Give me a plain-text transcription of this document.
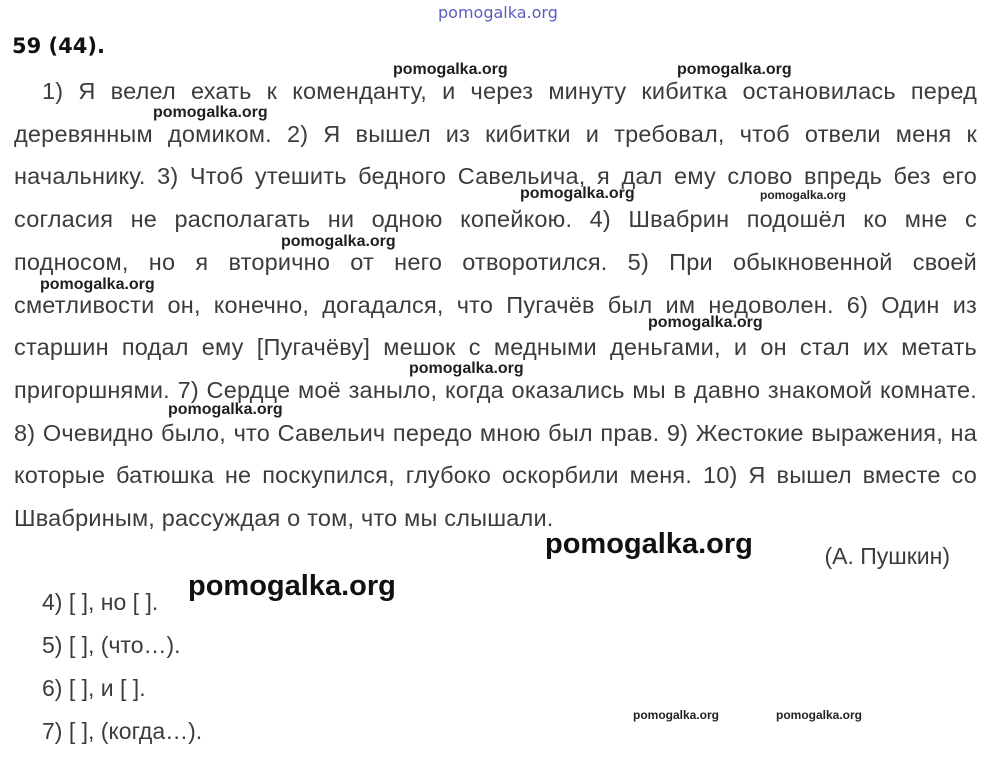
pomogalka.org
59 (44).
1) Я велел ехать к коменданту, и через минуту кибитка остановилась перед деревянным домиком. 2) Я вышел из кибитки и требовал, чтоб отвели меня к начальнику. 3) Чтоб утешить бедного Савельича, я дал ему слово впредь без его согласия не располагать ни одною копейкою. 4) Швабрин подошёл ко мне с подносом, но я вторично от него отворотился. 5) При обыкновенной своей сметливости он, конечно, догадался, что Пугачёв был им недоволен. 6) Один из старшин подал ему [Пугачёву] мешок с медными деньгами, и он стал их метать пригоршнями. 7) Сердце моё заныло, когда оказались мы в давно знакомой комнате. 8) Очевидно было, что Савельич передо мною был прав. 9) Жестокие выражения, на которые батюшка не поскупился, глубоко оскорбили меня. 10) Я вышел вместе со Швабриным, рассуждая о том, что мы слышали.
(А. Пушкин)
4) [ ], но [ ].
5) [ ], (что…).
6) [ ], и [ ].
7) [ ], (когда…).
pomogalka.org	pomogalka.org
pomogalka.org
pomogalka.org	pomogalka.org
pomogalka.org
pomogalka.org
pomogalka.org
pomogalka.org
pomogalka.org
pomogalka.org
pomogalka.org
pomogalka.org	pomogalka.org
